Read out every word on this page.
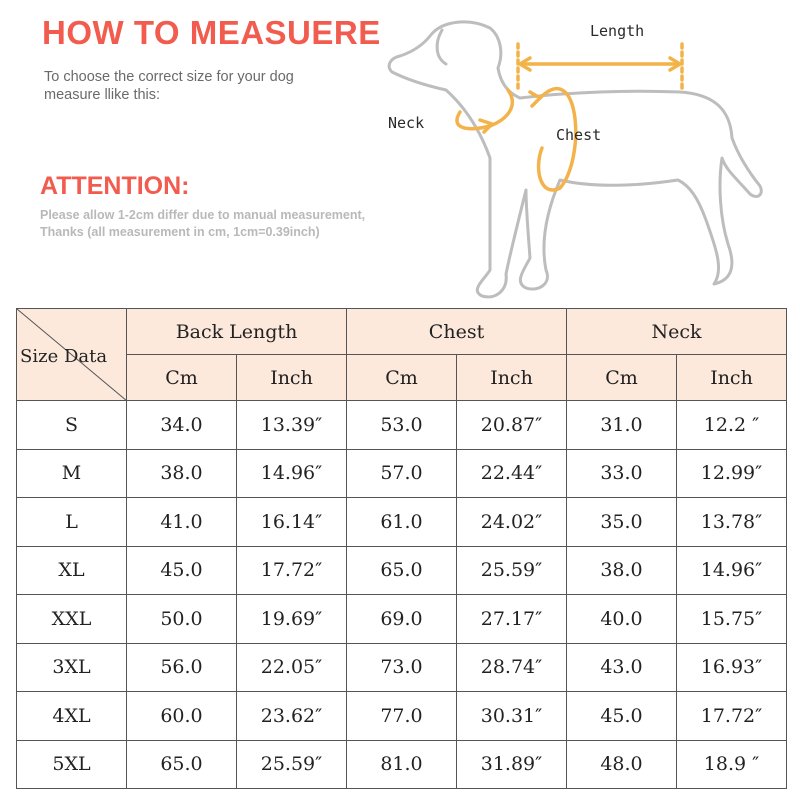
HOW TO MEASUERE
To choose the correct size for your dog
measure llike this:
ATTENTION:
Please allow 1-2cm differ due to manual measurement,
Thanks (all measurement in cm, 1cm=0.39inch)
Length
Neck
Chest
Size Data	Back Length		Chest		Neck	
	Cm	Inch	Cm	Inch	Cm	Inch
S	34.0	13.39″	53.0	20.87″	31.0	12.2 ″
M	38.0	14.96″	57.0	22.44″	33.0	12.99″
L	41.0	16.14″	61.0	24.02″	35.0	13.78″
XL	45.0	17.72″	65.0	25.59″	38.0	14.96″
XXL	50.0	19.69″	69.0	27.17″	40.0	15.75″
3XL	56.0	22.05″	73.0	28.74″	43.0	16.93″
4XL	60.0	23.62″	77.0	30.31″	45.0	17.72″
5XL	65.0	25.59″	81.0	31.89″	48.0	18.9 ″
